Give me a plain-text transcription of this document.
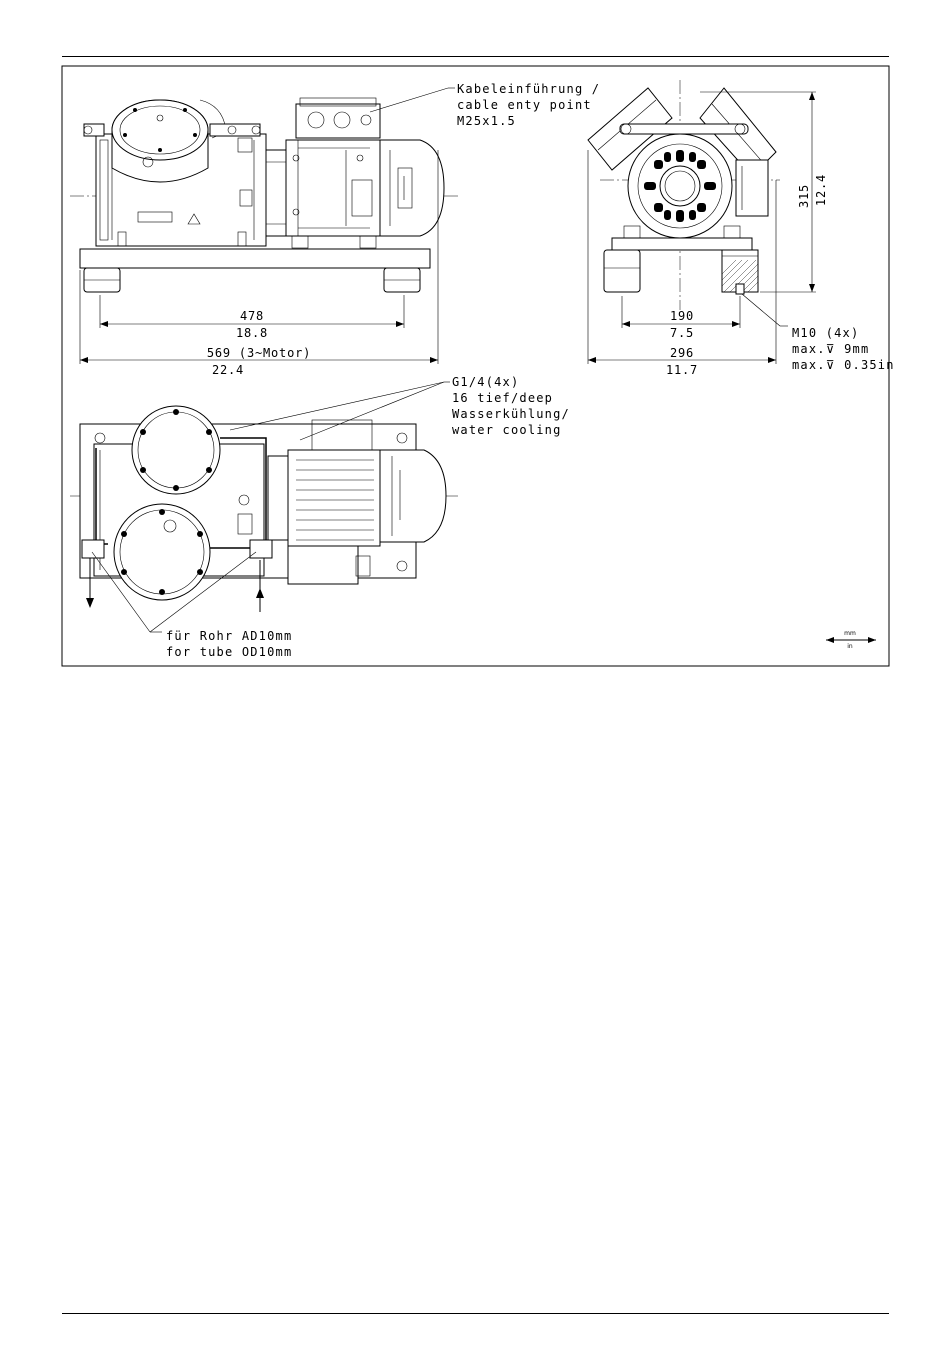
mm
in
Kabeleinführung /
cable enty point
M25x1.5
478
18.8
569 (3~Motor)
22.4
190
7.5
296
11.7
315 12.4
M10 (4x)
max.⊽ 9mm
max.⊽ 0.35in
G1/4(4x)
16 tief/deep
Wasserkühlung/
water cooling
für Rohr AD10mm
for tube OD10mm
